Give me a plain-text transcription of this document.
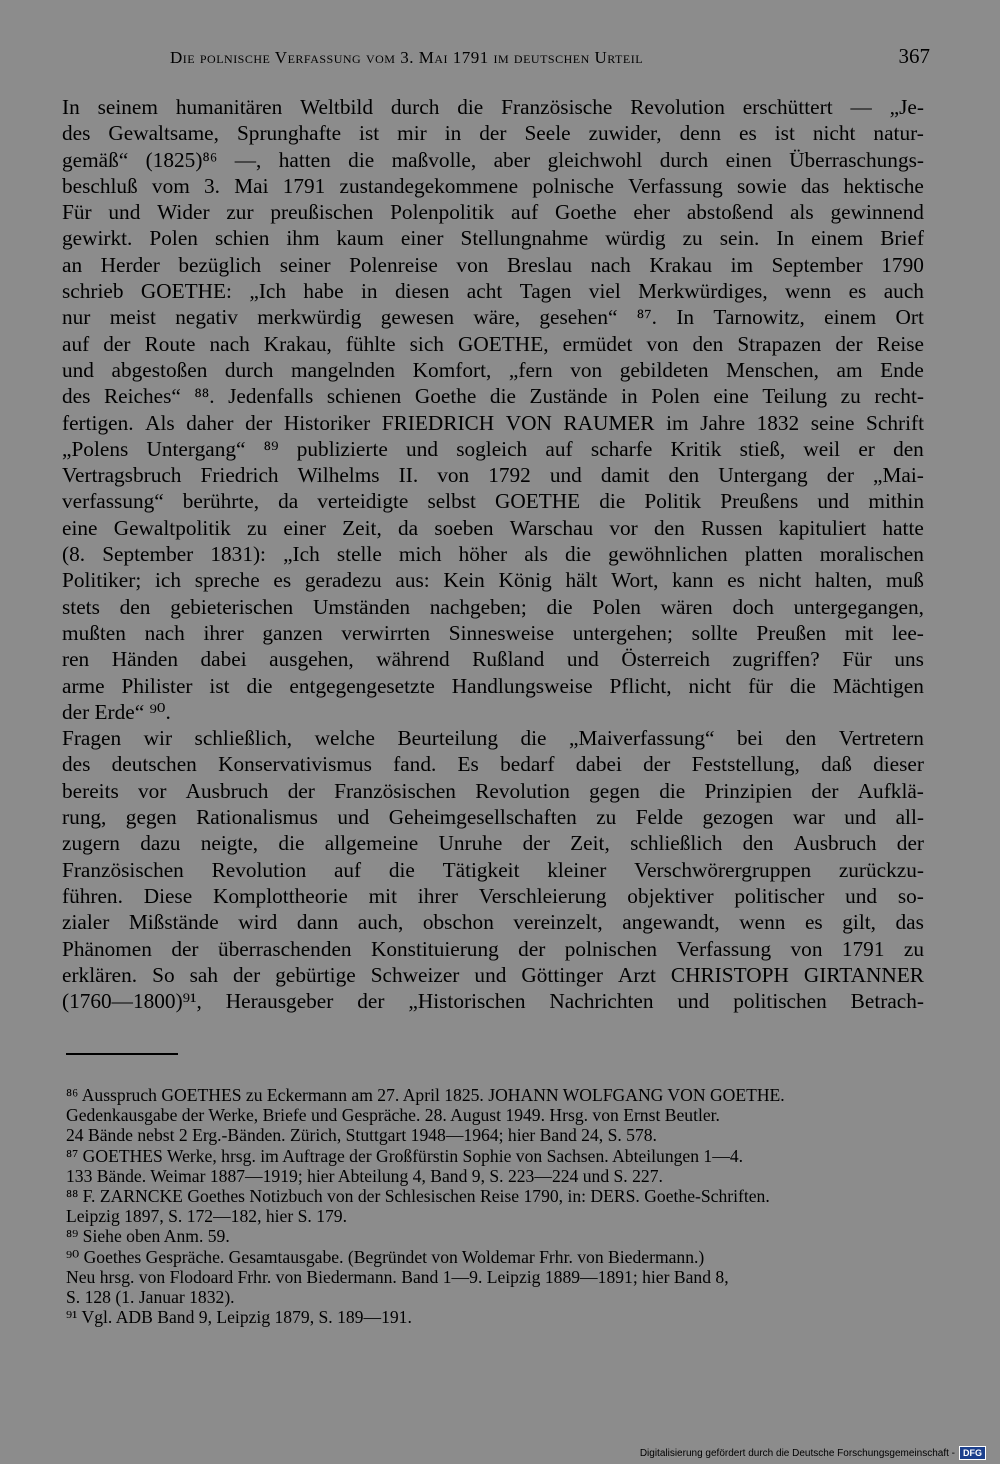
Die polnische Verfassung vom 3. Mai 1791 im deutschen Urteil	367
In seinem humanitären Weltbild durch die Französische Revolution erschüttert — „Je-
des Gewaltsame, Sprunghafte ist mir in der Seele zuwider, denn es ist nicht natur-
gemäß“ (1825)⁸⁶ —, hatten die maßvolle, aber gleichwohl durch einen Überraschungs-
beschluß vom 3. Mai 1791 zustandegekommene polnische Verfassung sowie das hektische
Für und Wider zur preußischen Polenpolitik auf Goethe eher abstoßend als gewinnend
gewirkt. Polen schien ihm kaum einer Stellungnahme würdig zu sein. In einem Brief
an Herder bezüglich seiner Polenreise von Breslau nach Krakau im September 1790
schrieb GOETHE: „Ich habe in diesen acht Tagen viel Merkwürdiges, wenn es auch
nur meist negativ merkwürdig gewesen wäre, gesehen“ ⁸⁷. In Tarnowitz, einem Ort
auf der Route nach Krakau, fühlte sich GOETHE, ermüdet von den Strapazen der Reise
und abgestoßen durch mangelnden Komfort, „fern von gebildeten Menschen, am Ende
des Reiches“ ⁸⁸. Jedenfalls schienen Goethe die Zustände in Polen eine Teilung zu recht-
fertigen. Als daher der Historiker FRIEDRICH VON RAUMER im Jahre 1832 seine Schrift
„Polens Untergang“ ⁸⁹ publizierte und sogleich auf scharfe Kritik stieß, weil er den
Vertragsbruch Friedrich Wilhelms II. von 1792 und damit den Untergang der „Mai-
verfassung“ berührte, da verteidigte selbst GOETHE die Politik Preußens und mithin
eine Gewaltpolitik zu einer Zeit, da soeben Warschau vor den Russen kapituliert hatte
(8. September 1831): „Ich stelle mich höher als die gewöhnlichen platten moralischen
Politiker; ich spreche es geradezu aus: Kein König hält Wort, kann es nicht halten, muß
stets den gebieterischen Umständen nachgeben; die Polen wären doch untergegangen,
mußten nach ihrer ganzen verwirrten Sinnesweise untergehen; sollte Preußen mit lee-
ren Händen dabei ausgehen, während Rußland und Österreich zugriffen? Für uns
arme Philister ist die entgegengesetzte Handlungsweise Pflicht, nicht für die Mächtigen
der Erde“ ⁹⁰.
Fragen wir schließlich, welche Beurteilung die „Maiverfassung“ bei den Vertretern
des deutschen Konservativismus fand. Es bedarf dabei der Feststellung, daß dieser
bereits vor Ausbruch der Französischen Revolution gegen die Prinzipien der Aufklä-
rung, gegen Rationalismus und Geheimgesellschaften zu Felde gezogen war und all-
zugern dazu neigte, die allgemeine Unruhe der Zeit, schließlich den Ausbruch der
Französischen Revolution auf die Tätigkeit kleiner Verschwörergruppen zurückzu-
führen. Diese Komplottheorie mit ihrer Verschleierung objektiver politischer und so-
zialer Mißstände wird dann auch, obschon vereinzelt, angewandt, wenn es gilt, das
Phänomen der überraschenden Konstituierung der polnischen Verfassung von 1791 zu
erklären. So sah der gebürtige Schweizer und Göttinger Arzt CHRISTOPH GIRTANNER
(1760—1800)⁹¹, Herausgeber der „Historischen Nachrichten und politischen Betrach-
⁸⁶ Ausspruch GOETHES zu Eckermann am 27. April 1825. JOHANN WOLFGANG VON GOETHE.
Gedenkausgabe der Werke, Briefe und Gespräche. 28. August 1949. Hrsg. von Ernst Beutler.
24 Bände nebst 2 Erg.-Bänden. Zürich, Stuttgart 1948—1964; hier Band 24, S. 578.
⁸⁷ GOETHES Werke, hrsg. im Auftrage der Großfürstin Sophie von Sachsen. Abteilungen 1—4.
133 Bände. Weimar 1887—1919; hier Abteilung 4, Band 9, S. 223—224 und S. 227.
⁸⁸ F. ZARNCKE Goethes Notizbuch von der Schlesischen Reise 1790, in: DERS. Goethe-Schriften.
Leipzig 1897, S. 172—182, hier S. 179.
⁸⁹ Siehe oben Anm. 59.
⁹⁰ Goethes Gespräche. Gesamtausgabe. (Begründet von Woldemar Frhr. von Biedermann.)
Neu hrsg. von Flodoard Frhr. von Biedermann. Band 1—9. Leipzig 1889—1891; hier Band 8,
S. 128 (1. Januar 1832).
⁹¹ Vgl. ADB Band 9, Leipzig 1879, S. 189—191.
Digitalisierung gefördert durch die Deutsche Forschungsgemeinschaft - DFG
